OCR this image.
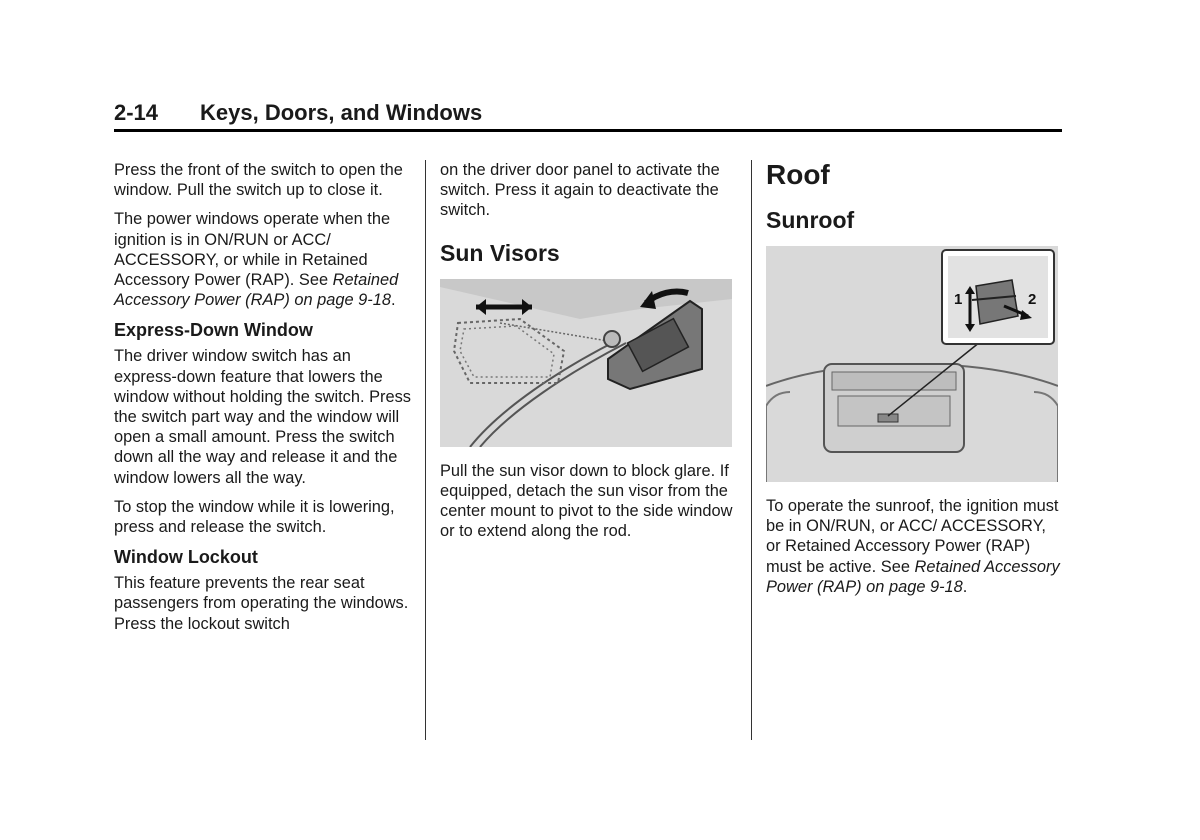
2-14	Keys, Doors, and Windows

Press the front of the switch to open the window. Pull the switch up to close it.

The power windows operate when the ignition is in ON/RUN or ACC/ ACCESSORY, or while in Retained Accessory Power (RAP). See Retained Accessory Power (RAP) on page 9-18.

Express-Down Window

The driver window switch has an express-down feature that lowers the window without holding the switch. Press the switch part way and the window will open a small amount. Press the switch down all the way and release it and the window lowers all the way.

To stop the window while it is lowering, press and release the switch.

Window Lockout

This feature prevents the rear seat passengers from operating the windows. Press the lockout switch

on the driver door panel to activate the switch. Press it again to deactivate the switch.

Sun Visors

Pull the sun visor down to block glare. If equipped, detach the sun visor from the center mount to pivot to the side window or to extend along the rod.

Roof
Sunroof
1	2

To operate the sunroof, the ignition must be in ON/RUN, or ACC/ ACCESSORY, or Retained Accessory Power (RAP) must be active. See Retained Accessory Power (RAP) on page 9-18.
